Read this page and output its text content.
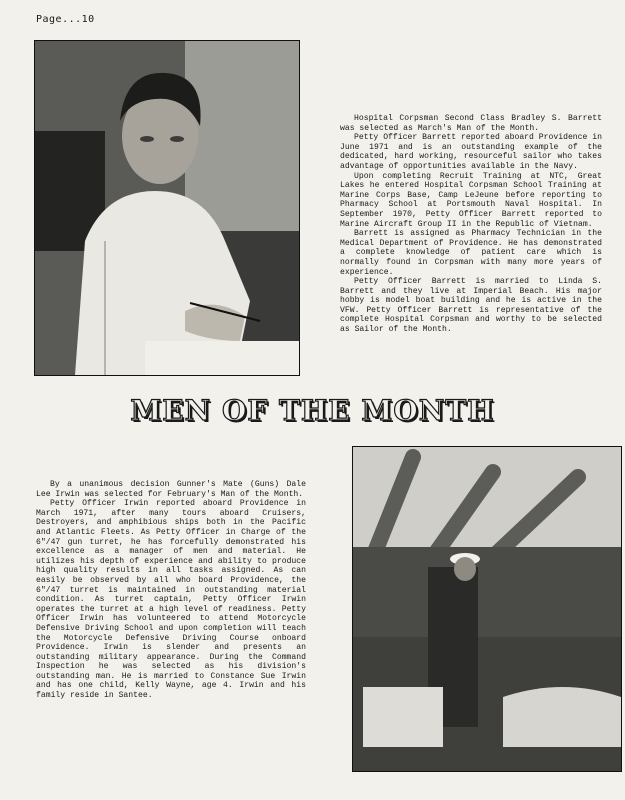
Page...10

Hospital Corpsman Second Class Bradley S. Barrett was selected as March's Man of the Month.

Petty Officer Barrett reported aboard Providence in June 1971 and is an outstanding example of the dedicated, hard working, resourceful sailor who takes advantage of opportunities available in the Navy.

Upon completing Recruit Training at NTC, Great Lakes he entered Hospital Corpsman School Training at Marine Corps Base, Camp LeJeune before reporting to Pharmacy School at Portsmouth Naval Hospital. In September 1970, Petty Officer Barrett reported to Marine Aircraft Group II in the Republic of Vietnam.

Barrett is assigned as Pharmacy Technician in the Medical Department of Providence. He has demonstrated a complete knowledge of patient care which is normally found in Corpsman with many more years of experience.

Petty Officer Barrett is married to Linda S. Barrett and they live at Imperial Beach. His major hobby is model boat building and he is active in the VFW. Petty Officer Barrett is representative of the complete Hospital Corpsman and worthy to be selected as Sailor of the Month.

MEN OF THE MONTH

By a unanimous decision Gunner's Mate (Guns) Dale Lee Irwin was selected for February's Man of the Month.

Petty Officer Irwin reported aboard Providence in March 1971, after many tours aboard Cruisers, Destroyers, and amphibious ships both in the Pacific and Atlantic Fleets. As Petty Officer in Charge of the 6"/47 gun turret, he has forcefully demonstrated his excellence as a manager of men and material. He utilizes his depth of experience and ability to produce high quality results in all tasks assigned. As can easily be observed by all who board Providence, the 6"/47 turret is maintained in outstanding material condition. As turret captain, Petty Officer Irwin operates the turret at a high level of readiness. Petty Officer Irwin has volunteered to attend Motorcycle Defensive Driving School and upon completion will teach the Motorcycle Defensive Driving Course onboard Providence. Irwin is slender and presents an outstanding military appearance. During the Command Inspection he was selected as his division's outstanding man. He is married to Constance Sue Irwin and has one child, Kelly Wayne, age 4. Irwin and his family reside in Santee.
